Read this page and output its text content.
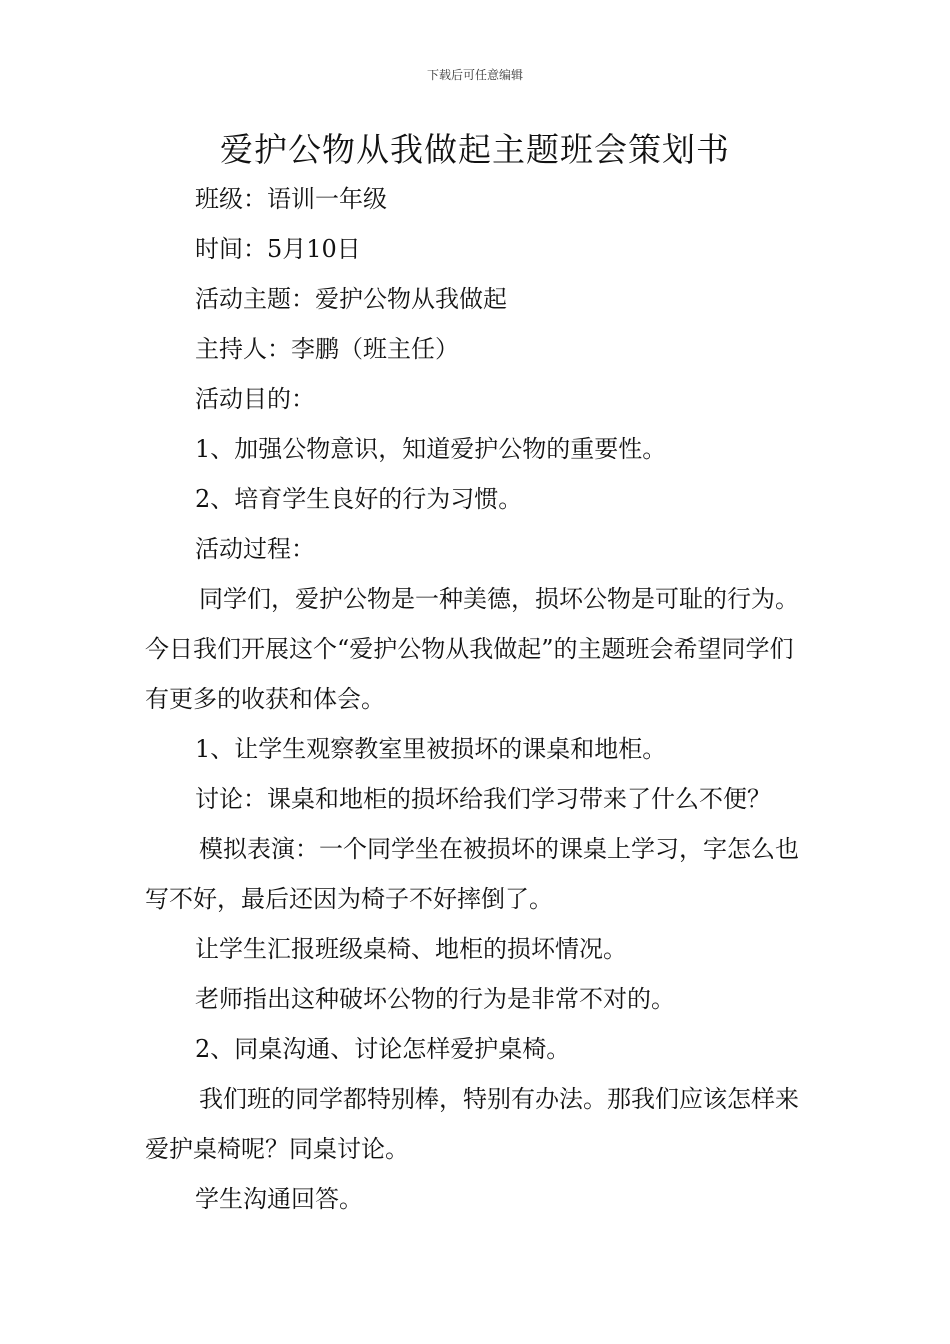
下载后可任意编辑
爱护公物从我做起主题班会策划书

班级：语训一年级

时间：5月10日

活动主题：爱护公物从我做起

主持人：李鹏（班主任）

活动目的：

1、加强公物意识，知道爱护公物的重要性。

2、培育学生良好的行为习惯。

活动过程：

同学们，爱护公物是一种美德，损坏公物是可耻的行为。今日我们开展这个“爱护公物从我做起”的主题班会希望同学们有更多的收获和体会。

1、让学生观察教室里被损坏的课桌和地柜。

讨论：课桌和地柜的损坏给我们学习带来了什么不便？

模拟表演：一个同学坐在被损坏的课桌上学习，字怎么也写不好，最后还因为椅子不好摔倒了。

让学生汇报班级桌椅、地柜的损坏情况。

老师指出这种破坏公物的行为是非常不对的。

2、同桌沟通、讨论怎样爱护桌椅。

我们班的同学都特别棒，特别有办法。那我们应该怎样来爱护桌椅呢？同桌讨论。

学生沟通回答。
